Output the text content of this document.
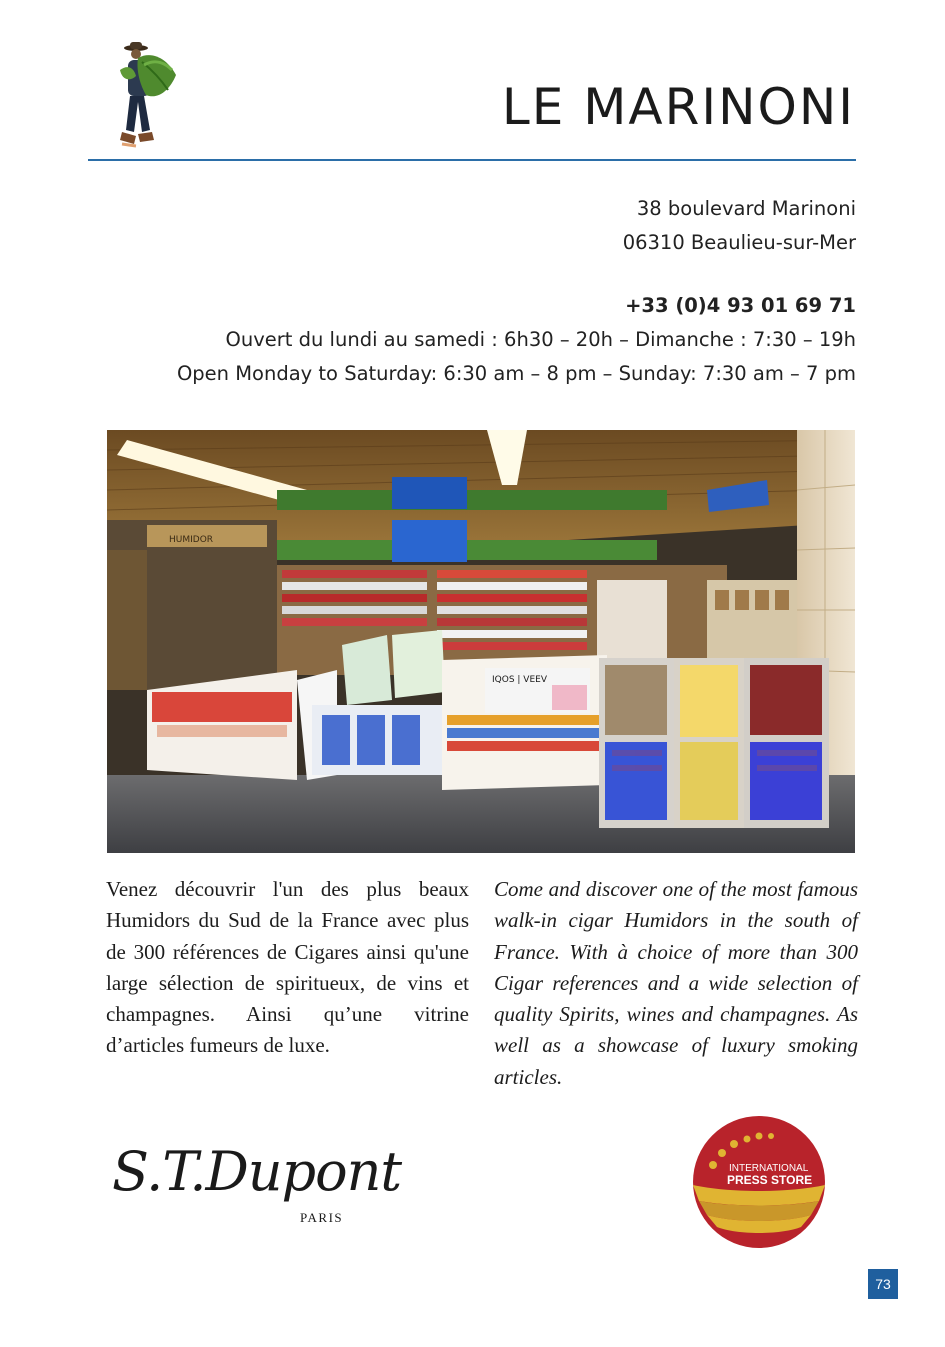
LE MARINONI
38 boulevard Marinoni
06310 Beaulieu-sur-Mer
+33 (0)4 93 01 69 71
Ouvert du lundi au samedi : 6h30 – 20h – Dimanche : 7:30 – 19h
Open Monday to Saturday: 6:30 am – 8 pm – Sunday: 7:30 am – 7 pm
HUMIDOR
IQOS | VEEV
Venez découvrir l'un des plus beaux Humidors du Sud de la France avec plus de 300 références de Cigares ainsi qu'une large sélection de spiritueux, de vins et champagnes. Ainsi qu’une vitrine d’articles fumeurs de luxe.
Come and discover one of the most famous walk-in cigar Humidors in the south of France. With à choice of more than 300 Cigar references and a wide selection of quality Spirits, wines and champagnes. As well as a showcase of luxury smoking articles.
S.T.Dupont
PARIS
INTERNATIONAL
PRESS STORE
73
